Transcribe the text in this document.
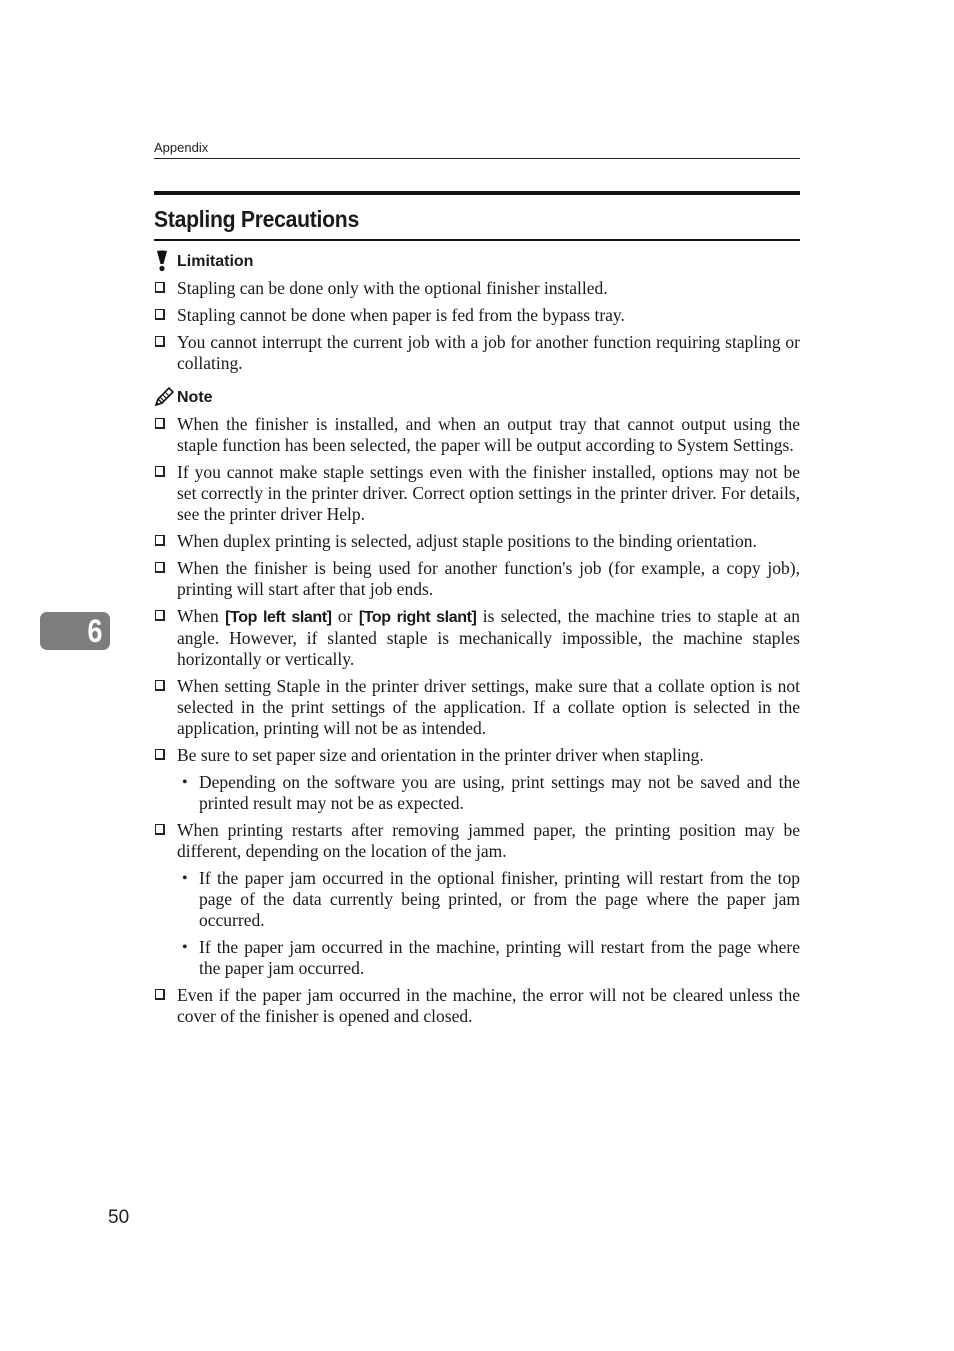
Appendix
Stapling Precautions
Limitation
Stapling can be done only with the optional finisher installed.
Stapling cannot be done when paper is fed from the bypass tray.
You cannot interrupt the current job with a job for another function requiring stapling or collating.
Note
When the finisher is installed, and when an output tray that cannot output using the staple function has been selected, the paper will be output according to System Settings.
If you cannot make staple settings even with the finisher installed, options may not be set correctly in the printer driver. Correct option settings in the printer driver. For details, see the printer driver Help.
When duplex printing is selected, adjust staple positions to the binding orientation.
When the finisher is being used for another function's job (for example, a copy job), printing will start after that job ends.
When [Top left slant] or [Top right slant] is selected, the machine tries to staple at an angle. However, if slanted staple is mechanically impossible, the machine staples horizontally or vertically.
When setting Staple in the printer driver settings, make sure that a collate option is not selected in the print settings of the application. If a collate option is selected in the application, printing will not be as intended.
Be sure to set paper size and orientation in the printer driver when stapling.
• Depending on the software you are using, print settings may not be saved and the printed result may not be as expected.
When printing restarts after removing jammed paper, the printing position may be different, depending on the location of the jam.
• If the paper jam occurred in the optional finisher, printing will restart from the top page of the data currently being printed, or from the page where the paper jam occurred.
• If the paper jam occurred in the machine, printing will restart from the page where the paper jam occurred.
Even if the paper jam occurred in the machine, the error will not be cleared unless the cover of the finisher is opened and closed.
6
50
